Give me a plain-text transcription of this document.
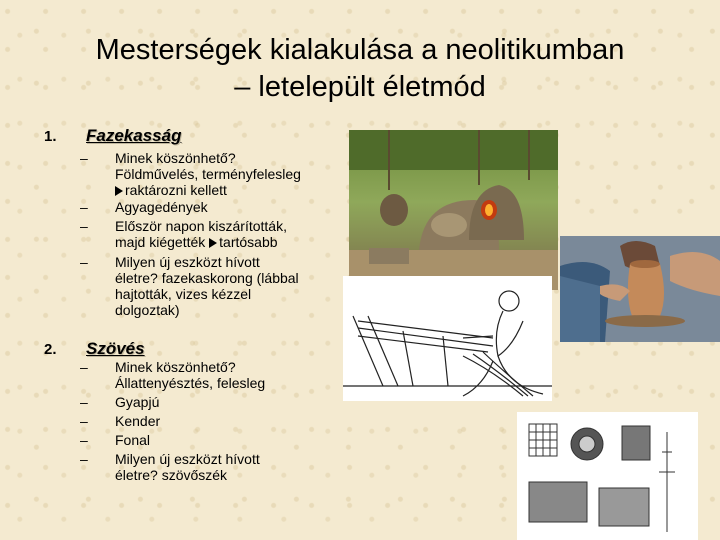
Mesterségek kialakulása a neolitikumban
– letelepült életmód
1. Fazekasság
–	Minek köszönhető?
Földművelés, terményfelesleg
raktározni kellett
–	Agyagedények
–	Először napon kiszárították,
majd kiégették tartósabb
–	Milyen új eszközt hívott
életre? fazekaskorong (lábbal
hajtották, vizes kézzel
dolgoztak)
2. Szövés
–	Minek köszönhető?
Állattenyésztés, felesleg
–	Gyapjú
–	Kender
–	Fonal
–	Milyen új eszközt hívott
életre? szövőszék
